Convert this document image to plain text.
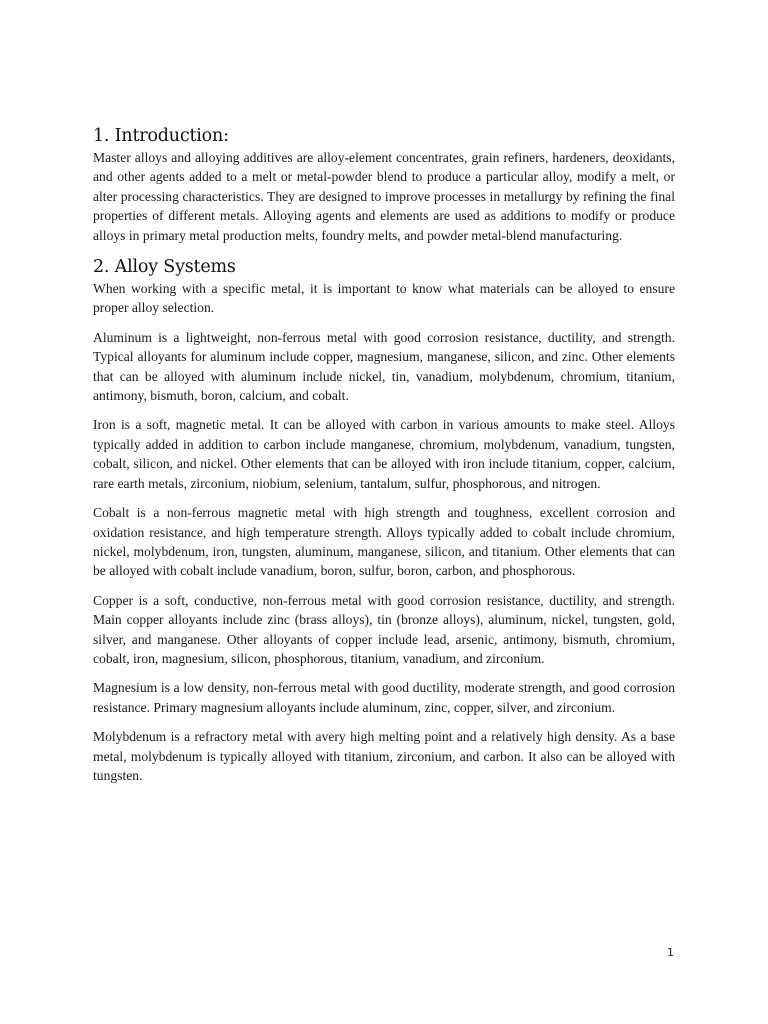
1. Introduction:

Master alloys and alloying additives are alloy-element concentrates, grain refiners, hardeners, deoxidants, and other agents added to a melt or metal-powder blend to produce a particular alloy, modify a melt, or alter processing characteristics. They are designed to improve processes in metallurgy by refining the final properties of different metals. Alloying agents and elements are used as additions to modify or produce alloys in primary metal production melts, foundry melts, and powder metal-blend manufacturing.

2. Alloy Systems

When working with a specific metal, it is important to know what materials can be alloyed to ensure proper alloy selection.

Aluminum is a lightweight, non-ferrous metal with good corrosion resistance, ductility, and strength. Typical alloyants for aluminum include copper, magnesium, manganese, silicon, and zinc. Other elements that can be alloyed with aluminum include nickel, tin, vanadium, molybdenum, chromium, titanium, antimony, bismuth, boron, calcium, and cobalt.

Iron is a soft, magnetic metal. It can be alloyed with carbon in various amounts to make steel. Alloys typically added in addition to carbon include manganese, chromium, molybdenum, vanadium, tungsten, cobalt, silicon, and nickel. Other elements that can be alloyed with iron include titanium, copper, calcium, rare earth metals, zirconium, niobium, selenium, tantalum, sulfur, phosphorous, and nitrogen.

Cobalt is a non-ferrous magnetic metal with high strength and toughness, excellent corrosion and oxidation resistance, and high temperature strength. Alloys typically added to cobalt include chromium, nickel, molybdenum, iron, tungsten, aluminum, manganese, silicon, and titanium. Other elements that can be alloyed with cobalt include vanadium, boron, sulfur, boron, carbon, and phosphorous.

Copper is a soft, conductive, non-ferrous metal with good corrosion resistance, ductility, and strength. Main copper alloyants include zinc (brass alloys), tin (bronze alloys), aluminum, nickel, tungsten, gold, silver, and manganese. Other alloyants of copper include lead, arsenic, antimony, bismuth, chromium, cobalt, iron, magnesium, silicon, phosphorous, titanium, vanadium, and zirconium.

Magnesium is a low density, non-ferrous metal with good ductility, moderate strength, and good corrosion resistance. Primary magnesium alloyants include aluminum, zinc, copper, silver, and zirconium.

Molybdenum is a refractory metal with avery high melting point and a relatively high density. As a base metal, molybdenum is typically alloyed with titanium, zirconium, and carbon. It also can be alloyed with tungsten.

1
